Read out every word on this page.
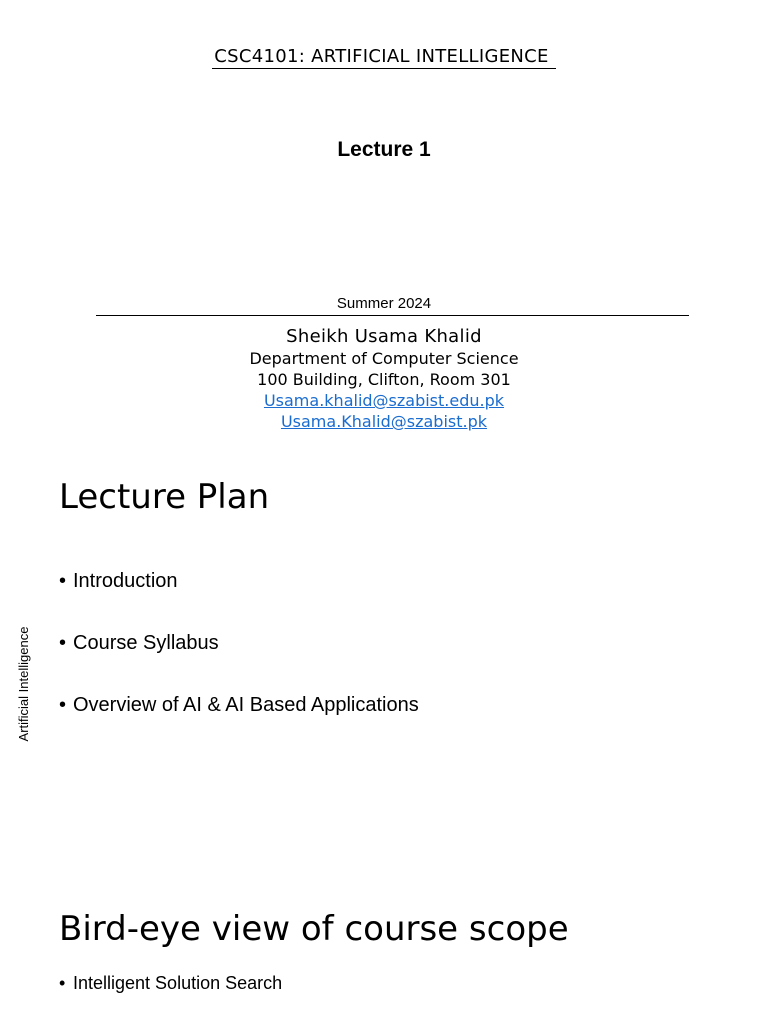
CSC4101: ARTIFICIAL INTELLIGENCE
Lecture 1
Summer 2024
Sheikh Usama Khalid
Department of Computer Science
100 Building, Clifton, Room 301
Usama.khalid@szabist.edu.pk
Usama.Khalid@szabist.pk
Lecture Plan
• Introduction
• Course Syllabus
• Overview of AI & AI Based Applications
Bird-eye view of course scope
• Intelligent Solution Search
Artificial Intelligence
